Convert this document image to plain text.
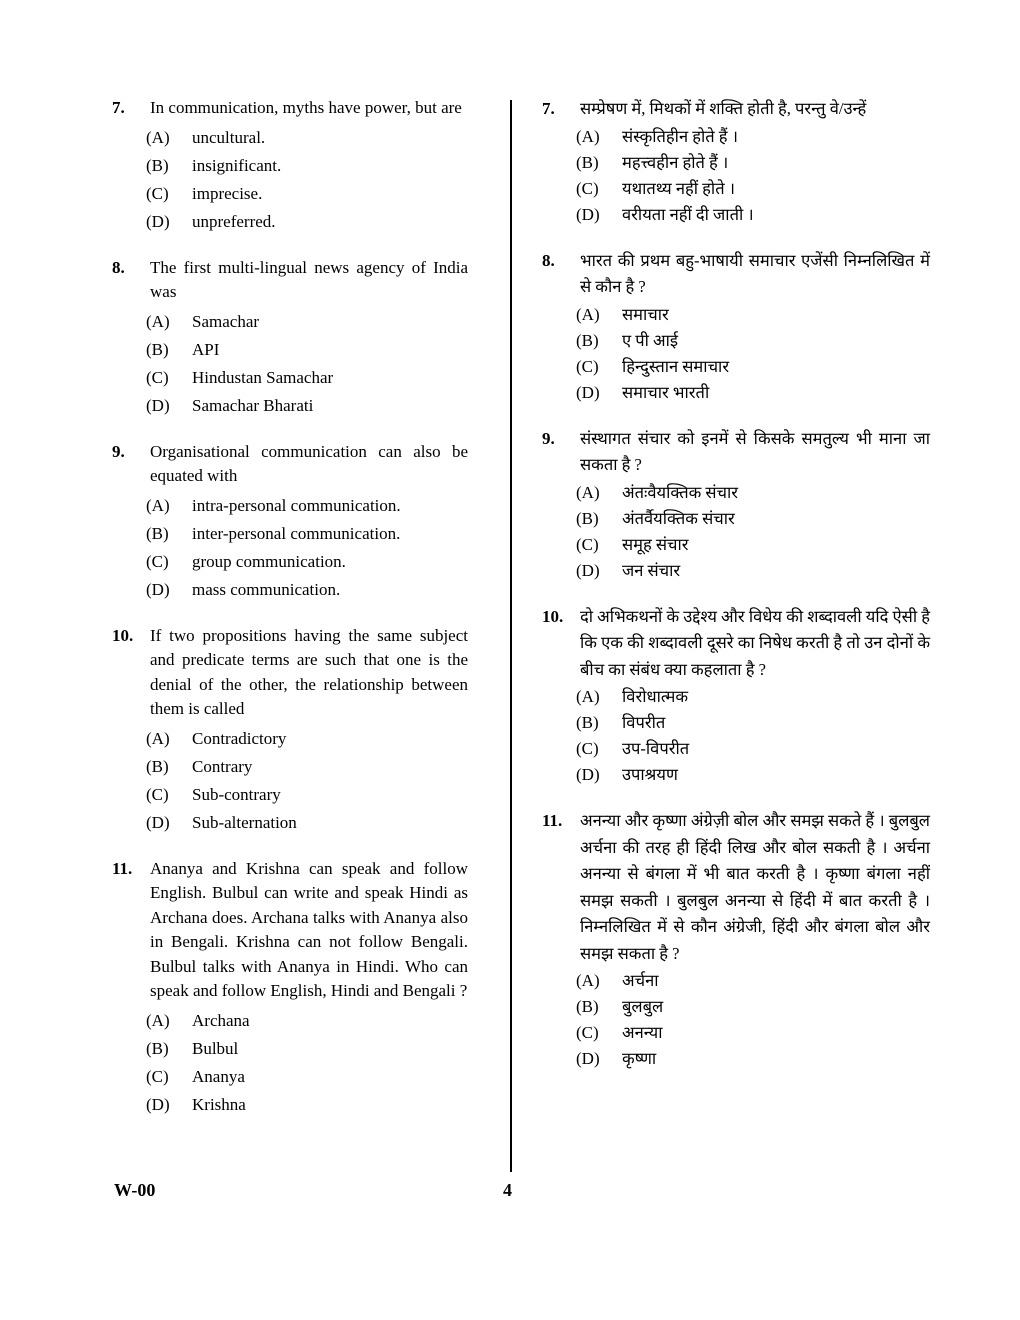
7.	In communication, myths have power, but are
(A)	uncultural.
(B)	insignificant.
(C)	imprecise.
(D)	unpreferred.
8.	The first multi-lingual news agency of India was
(A)	Samachar
(B)	API
(C)	Hindustan Samachar
(D)	Samachar Bharati
9.	Organisational communication can also be equated with
(A)	intra-personal communication.
(B)	inter-personal communication.
(C)	group communication.
(D)	mass communication.
10. If two propositions having the same subject and predicate terms are such that one is the denial of the other, the relationship between them is called
(A)	Contradictory
(B)	Contrary
(C)	Sub-contrary
(D)	Sub-alternation
11.	Ananya and Krishna can speak and follow English. Bulbul can write and speak Hindi as Archana does. Archana talks with Ananya also in Bengali. Krishna can not follow Bengali. Bulbul talks with Ananya in Hindi. Who can speak and follow English, Hindi and Bengali ?
(A)	Archana
(B)	Bulbul
(C)	Ananya
(D)	Krishna
7.	सम्प्रेषण में, मिथकों में शक्ति होती है, परन्तु वे/उन्हें
(A)	संस्कृतिहीन होते हैं ।
(B)	महत्त्वहीन होते हैं ।
(C)	यथातथ्य नहीं होते ।
(D)	वरीयता नहीं दी जाती ।
8.	भारत की प्रथम बहु-भाषायी समाचार एजेंसी निम्नलिखित में से कौन है ?
(A)	समाचार
(B)	ए पी आई
(C)	हिन्दुस्तान समाचार
(D)	समाचार भारती
9.	संस्थागत संचार को इनमें से किसके समतुल्य भी माना जा सकता है ?
(A)	अंतःवैयक्तिक संचार
(B)	अंतर्वैयक्तिक संचार
(C)	समूह संचार
(D)	जन संचार
10.	दो अभिकथनों के उद्देश्य और विधेय की शब्दावली यदि ऐसी है कि एक की शब्दावली दूसरे का निषेध करती है तो उन दोनों के बीच का संबंध क्या कहलाता है ?
(A)	विरोधात्मक
(B)	विपरीत
(C)	उप-विपरीत
(D)	उपाश्रयण
11.	अनन्या और कृष्णा अंग्रेज़ी बोल और समझ सकते हैं । बुलबुल अर्चना की तरह ही हिंदी लिख और बोल सकती है । अर्चना अनन्या से बंगला में भी बात करती है । कृष्णा बंगला नहीं समझ सकती । बुलबुल अनन्या से हिंदी में बात करती है । निम्नलिखित में से कौन अंग्रेजी, हिंदी और बंगला बोल और समझ सकता है ?
(A)	अर्चना
(B)	बुलबुल
(C)	अनन्या
(D)	कृष्णा
W-00	4
